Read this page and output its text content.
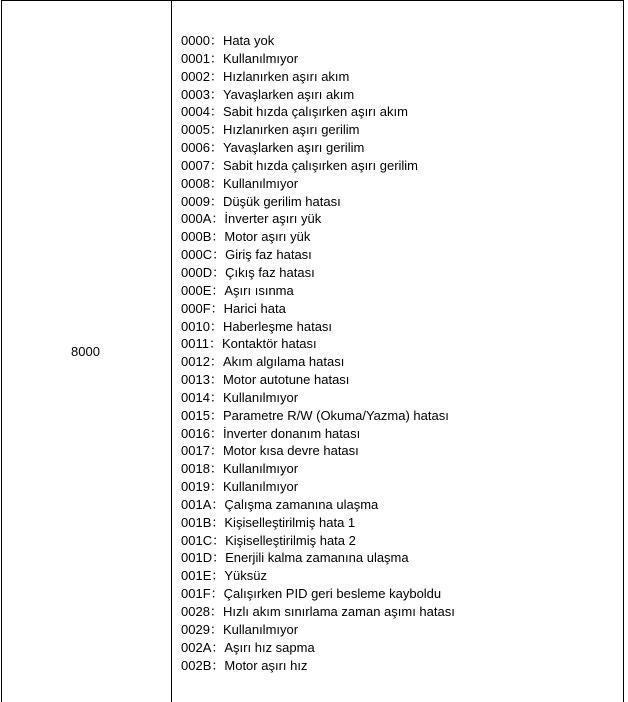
8000
0000：Hata yok
0001：Kullanılmıyor
0002：Hızlanırken aşırı akım
0003：Yavaşlarken aşırı akım
0004：Sabit hızda çalışırken aşırı akım
0005：Hızlanırken aşırı gerilim
0006：Yavaşlarken aşırı gerilim
0007：Sabit hızda çalışırken aşırı gerilim
0008：Kullanılmıyor
0009：Düşük gerilim hatası
000A：İnverter aşırı yük
000B：Motor aşırı yük
000C：Giriş faz hatası
000D：Çıkış faz hatası
000E：Aşırı ısınma
000F：Harici hata
0010：Haberleşme hatası
0011：Kontaktör hatası
0012：Akım algılama hatası
0013：Motor autotune hatası
0014：Kullanılmıyor
0015：Parametre R/W (Okuma/Yazma) hatası
0016：İnverter donanım hatası
0017：Motor kısa devre hatası
0018：Kullanılmıyor
0019：Kullanılmıyor
001A：Çalışma zamanına ulaşma
001B：Kişiselleştirilmiş hata 1
001C：Kişiselleştirilmiş hata 2
001D：Enerjili kalma zamanına ulaşma
001E：Yüksüz
001F：Çalışırken PID geri besleme kayboldu
0028：Hızlı akım sınırlama zaman aşımı hatası
0029：Kullanılmıyor
002A：Aşırı hız sapma
002B：Motor aşırı hız
